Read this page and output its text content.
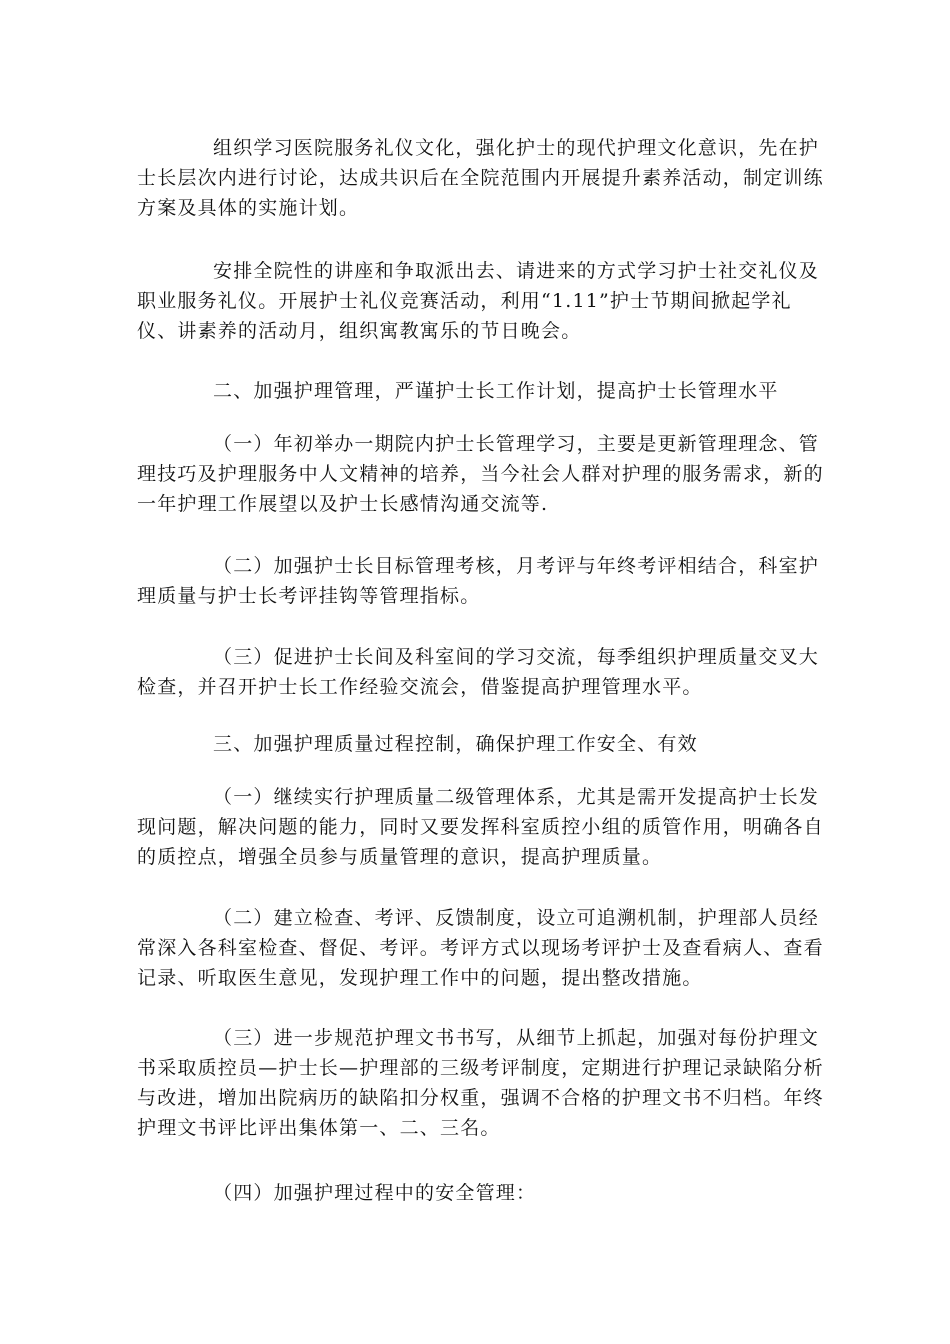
组织学习医院服务礼仪文化，强化护士的现代护理文化意识，先在护士长层次内进行讨论，达成共识后在全院范围内开展提升素养活动，制定训练方案及具体的实施计划。

安排全院性的讲座和争取派出去、请进来的方式学习护士社交礼仪及职业服务礼仪。开展护士礼仪竞赛活动，利用“1.11”护士节期间掀起学礼仪、讲素养的活动月，组织寓教寓乐的节日晚会。

二、加强护理管理，严谨护士长工作计划，提高护士长管理水平

（一）年初举办一期院内护士长管理学习，主要是更新管理理念、管理技巧及护理服务中人文精神的培养，当今社会人群对护理的服务需求，新的一年护理工作展望以及护士长感情沟通交流等.

（二）加强护士长目标管理考核，月考评与年终考评相结合，科室护理质量与护士长考评挂钩等管理指标。

（三）促进护士长间及科室间的学习交流，每季组织护理质量交叉大检查，并召开护士长工作经验交流会，借鉴提高护理管理水平。

三、加强护理质量过程控制，确保护理工作安全、有效

（一）继续实行护理质量二级管理体系，尤其是需开发提高护士长发现问题，解决问题的能力，同时又要发挥科室质控小组的质管作用，明确各自的质控点，增强全员参与质量管理的意识，提高护理质量。

（二）建立检查、考评、反馈制度，设立可追溯机制，护理部人员经常深入各科室检查、督促、考评。考评方式以现场考评护士及查看病人、查看记录、听取医生意见，发现护理工作中的问题，提出整改措施。

（三）进一步规范护理文书书写，从细节上抓起，加强对每份护理文书采取质控员—护士长—护理部的三级考评制度，定期进行护理记录缺陷分析与改进，增加出院病历的缺陷扣分权重，强调不合格的护理文书不归档。年终护理文书评比评出集体第一、二、三名。

（四）加强护理过程中的安全管理：
